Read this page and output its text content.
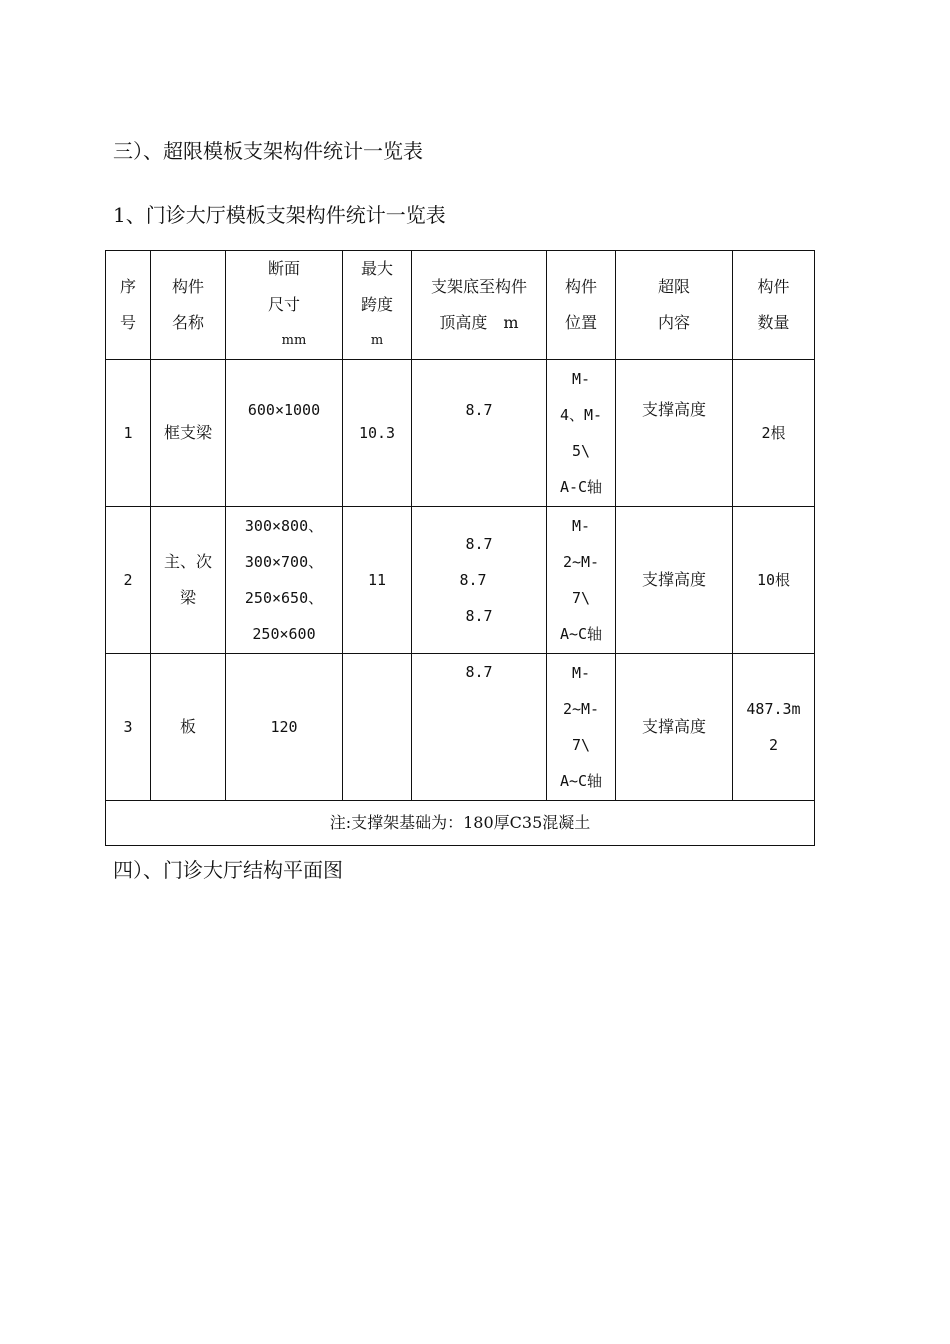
三）、超限模板支架构件统计一览表
1、门诊大厅模板支架构件统计一览表
序
号	构件
名称	断面
尺寸
mm	最大
跨度
m	支架底至构件
顶高度　m	构件
位置	超限
内容	构件
数量

1	框支梁	600×1000	10.3	8.7	M-
4、M-
5\
A-C轴	支撑高度	2根
2	主、次
梁	300×800、
300×700、
250×650、
250×600	11	8.7
8.7
8.7	M-
2~M-
7\
A~C轴	支撑高度	10根
3	板	120		8.7	M-
2~M-
7\
A~C轴	支撑高度	487.3m
2

注:支撑架基础为：180厚C35混凝土							
四）、门诊大厅结构平面图
